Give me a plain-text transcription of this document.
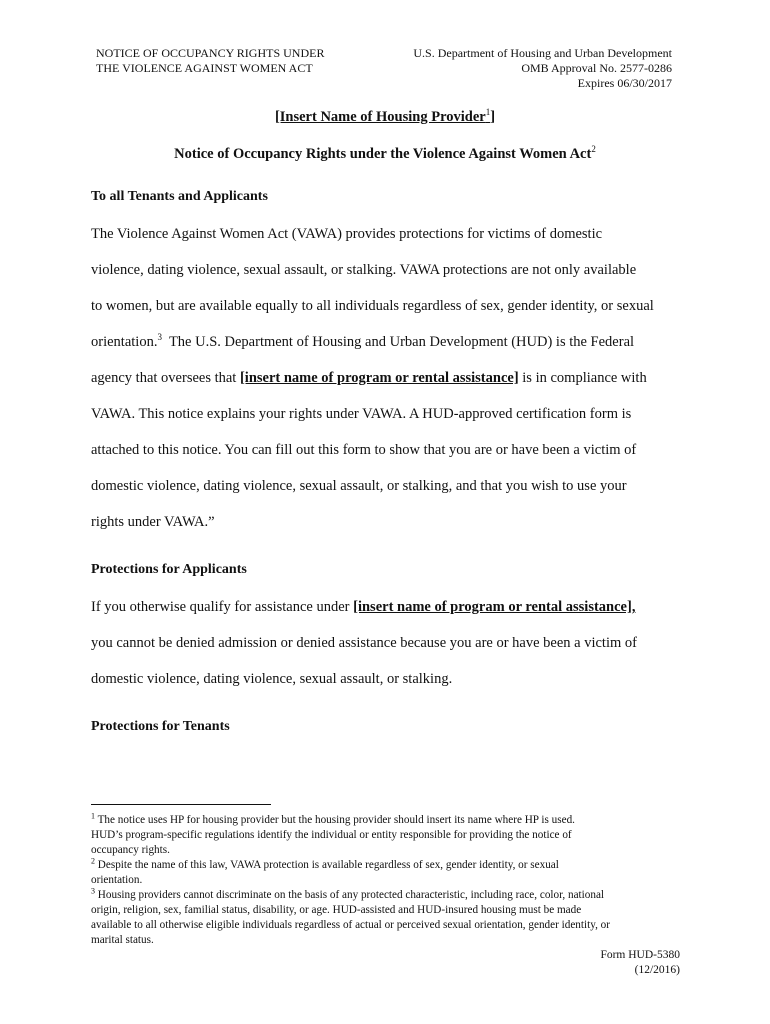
NOTICE OF OCCUPANCY RIGHTS UNDER
THE VIOLENCE AGAINST WOMEN ACT
U.S. Department of Housing and Urban Development
OMB Approval No. 2577-0286
Expires 06/30/2017
[Insert Name of Housing Provider$^1$]
Notice of Occupancy Rights under the Violence Against Women Act$^2$
To all Tenants and Applicants
The Violence Against Women Act (VAWA) provides protections for victims of domestic
violence, dating violence, sexual assault, or stalking. VAWA protections are not only available
to women, but are available equally to all individuals regardless of sex, gender identity, or sexual
orientation.$^3$  The U.S. Department of Housing and Urban Development (HUD) is the Federal
agency that oversees that [insert name of program or rental assistance] is in compliance with
VAWA. This notice explains your rights under VAWA. A HUD-approved certification form is
attached to this notice. You can fill out this form to show that you are or have been a victim of
domestic violence, dating violence, sexual assault, or stalking, and that you wish to use your
rights under VAWA.”
Protections for Applicants
If you otherwise qualify for assistance under [insert name of program or rental assistance],
you cannot be denied admission or denied assistance because you are or have been a victim of
domestic violence, dating violence, sexual assault, or stalking.
Protections for Tenants
$^1$ The notice uses HP for housing provider but the housing provider should insert its name where HP is used.
HUD’s program-specific regulations identify the individual or entity responsible for providing the notice of
occupancy rights.
$^2$ Despite the name of this law, VAWA protection is available regardless of sex, gender identity, or sexual
orientation.
$^3$ Housing providers cannot discriminate on the basis of any protected characteristic, including race, color, national
origin, religion, sex, familial status, disability, or age. HUD-assisted and HUD-insured housing must be made
available to all otherwise eligible individuals regardless of actual or perceived sexual orientation, gender identity, or
marital status.
Form HUD-5380
(12/2016)
